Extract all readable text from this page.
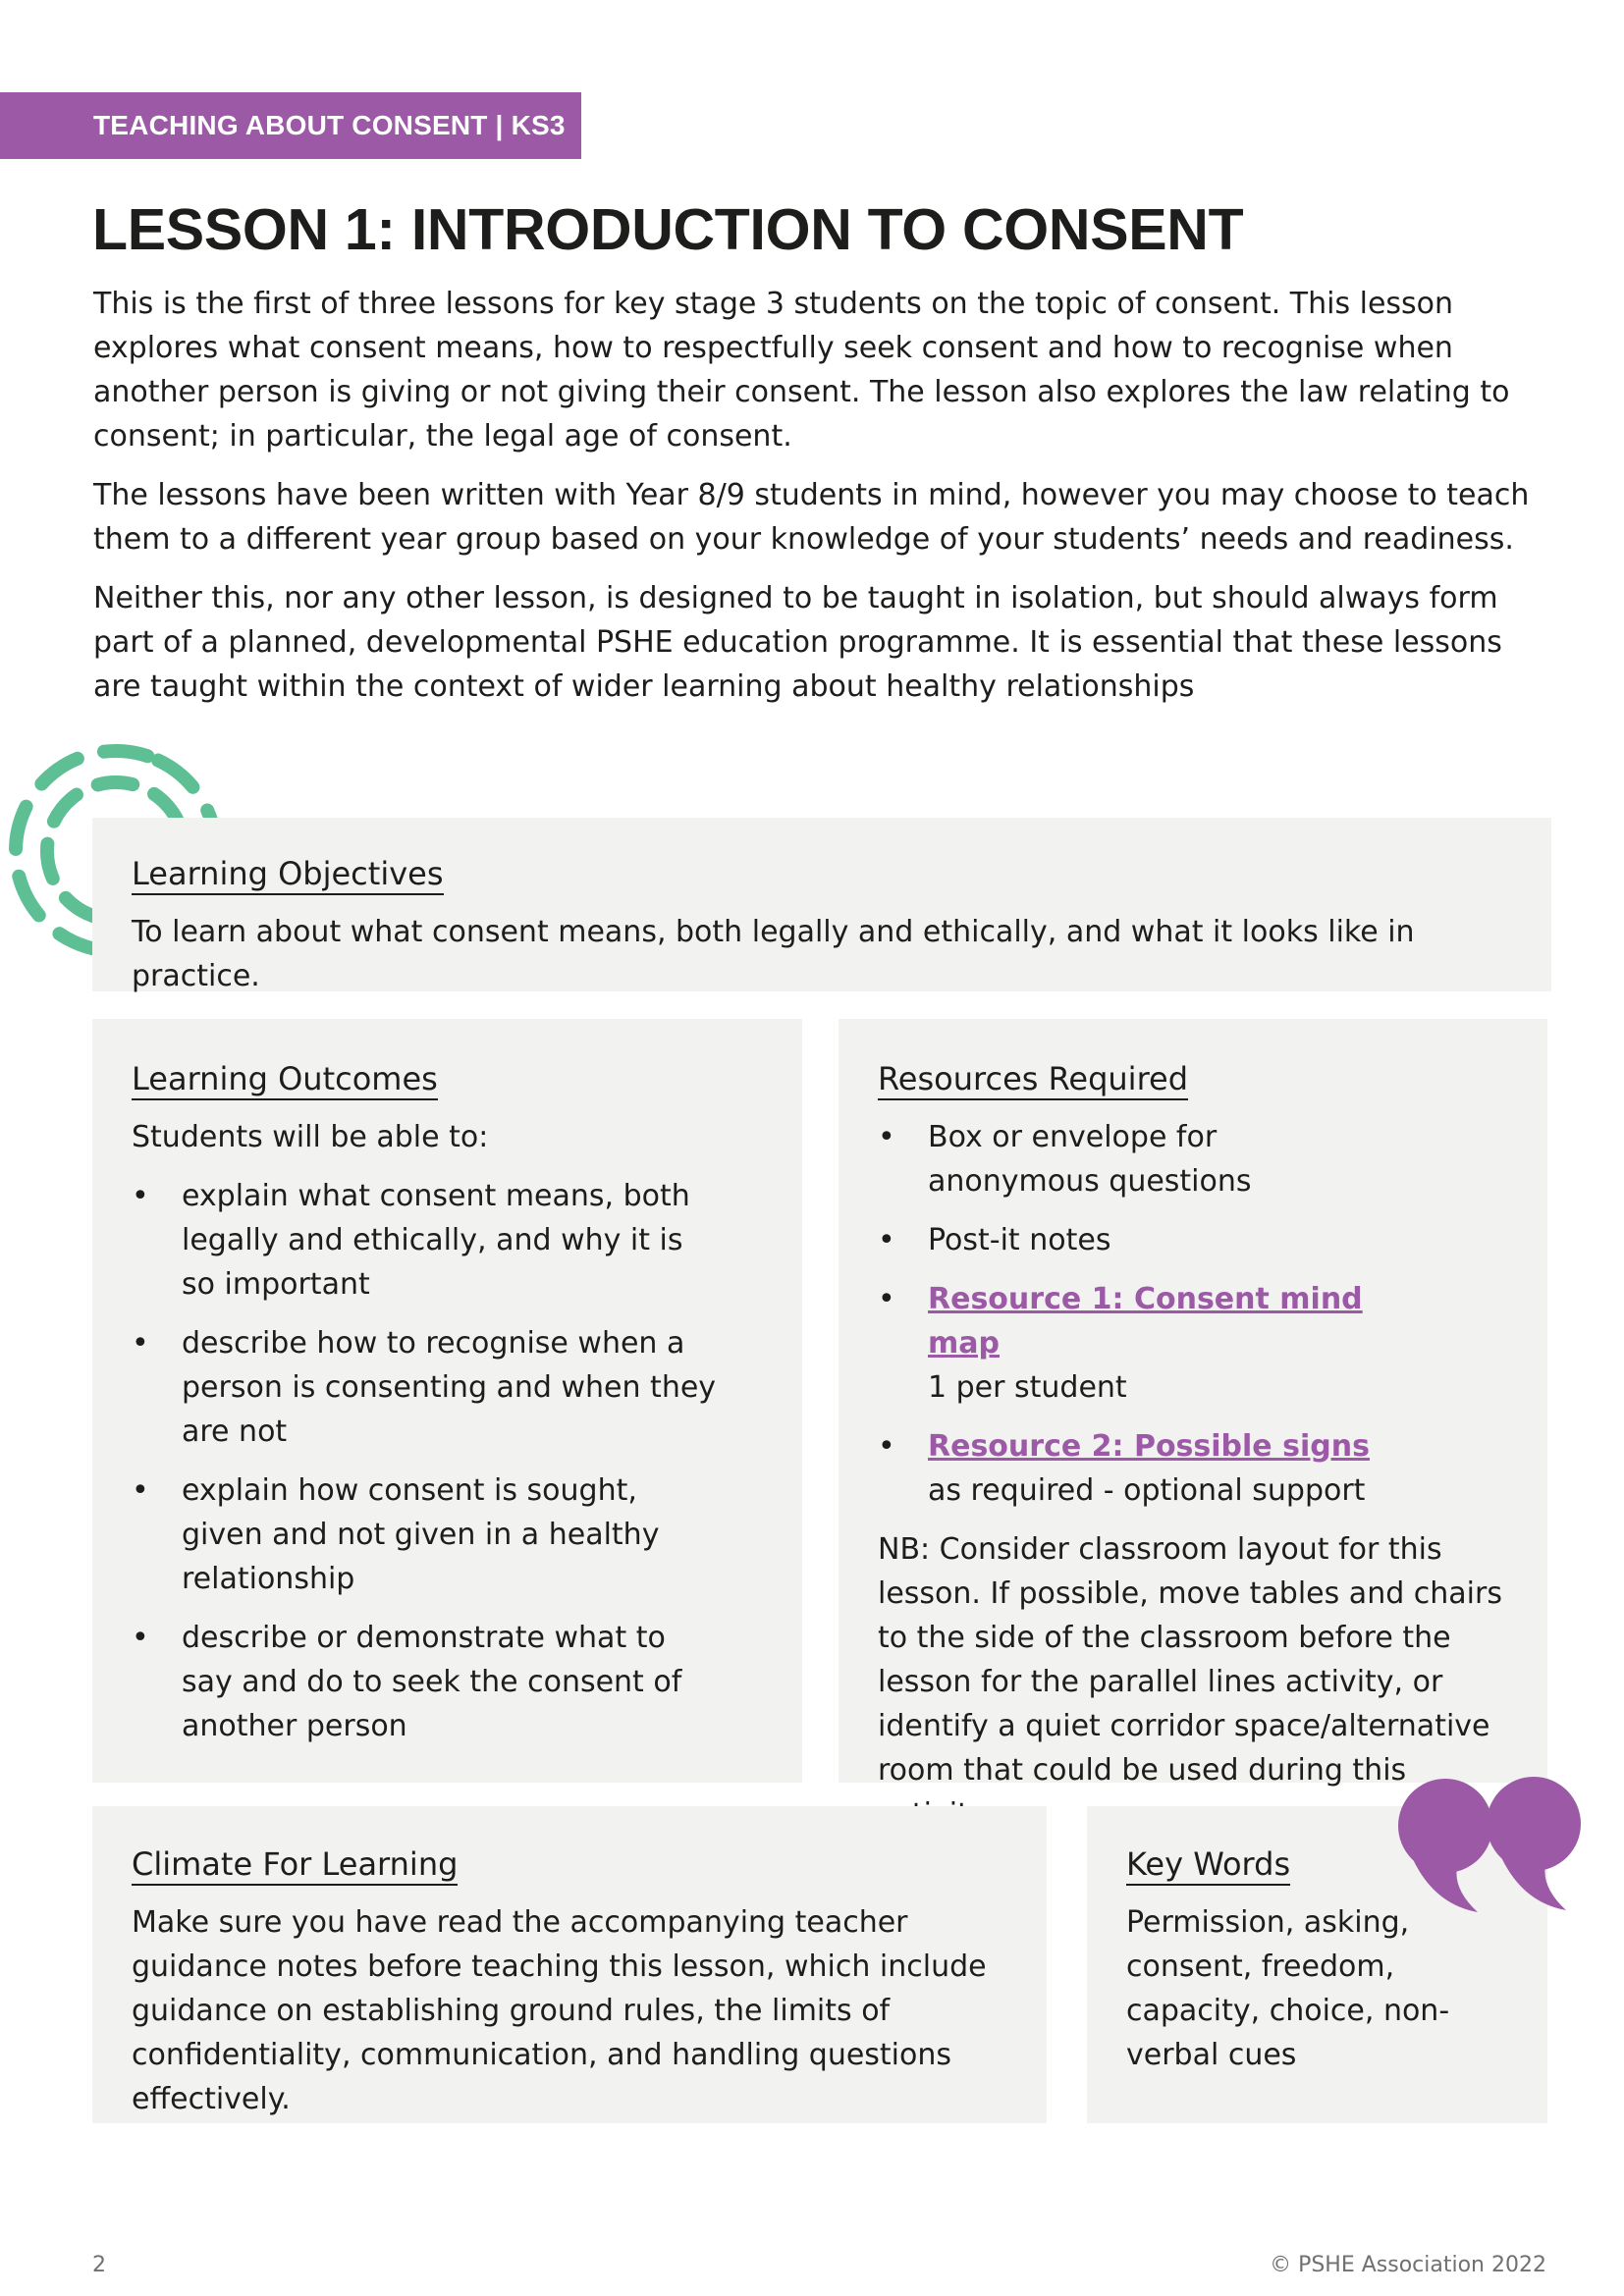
TEACHING ABOUT CONSENT | KS3
LESSON 1: INTRODUCTION TO CONSENT

This is the first of three lessons for key stage 3 students on the topic of consent. This lesson explores what consent means, how to respectfully seek consent and how to recognise when another person is giving or not giving their consent. The lesson also explores the law relating to consent; in particular, the legal age of consent.

The lessons have been written with Year 8/9 students in mind, however you may choose to teach them to a different year group based on your knowledge of your students’ needs and readiness.

Neither this, nor any other lesson, is designed to be taught in isolation, but should always form part of a planned, developmental PSHE education programme. It is essential that these lessons are taught within the context of wider learning about healthy relationships

Learning Objectives

To learn about what consent means, both legally and ethically, and what it looks like in practice.

Learning Outcomes

Students will be able to:

• explain what consent means, both legally and ethically, and why it is so important
• describe how to recognise when a person is consenting and when they are not
• explain how consent is sought, given and not given in a healthy relationship
• describe or demonstrate what to say and do to seek the consent of another person
Resources Required
• Box or envelope for anonymous questions
• Post-it notes
• Resource 1: Consent mind map
1 per student
• Resource 2: Possible signs
as required - optional support

NB: Consider classroom layout for this lesson. If possible, move tables and chairs to the side of the classroom before the lesson for the parallel lines activity, or identify a quiet corridor space/alternative room that could be used during this

Climate For Learning

Make sure you have read the accompanying teacher guidance notes before teaching this lesson, which include guidance on establishing ground rules, the limits of confidentiality, communication, and handling questions effectively.

Key Words

Permission, asking, consent, freedom, capacity, choice, non-verbal cues

2	© PSHE Association 2022
